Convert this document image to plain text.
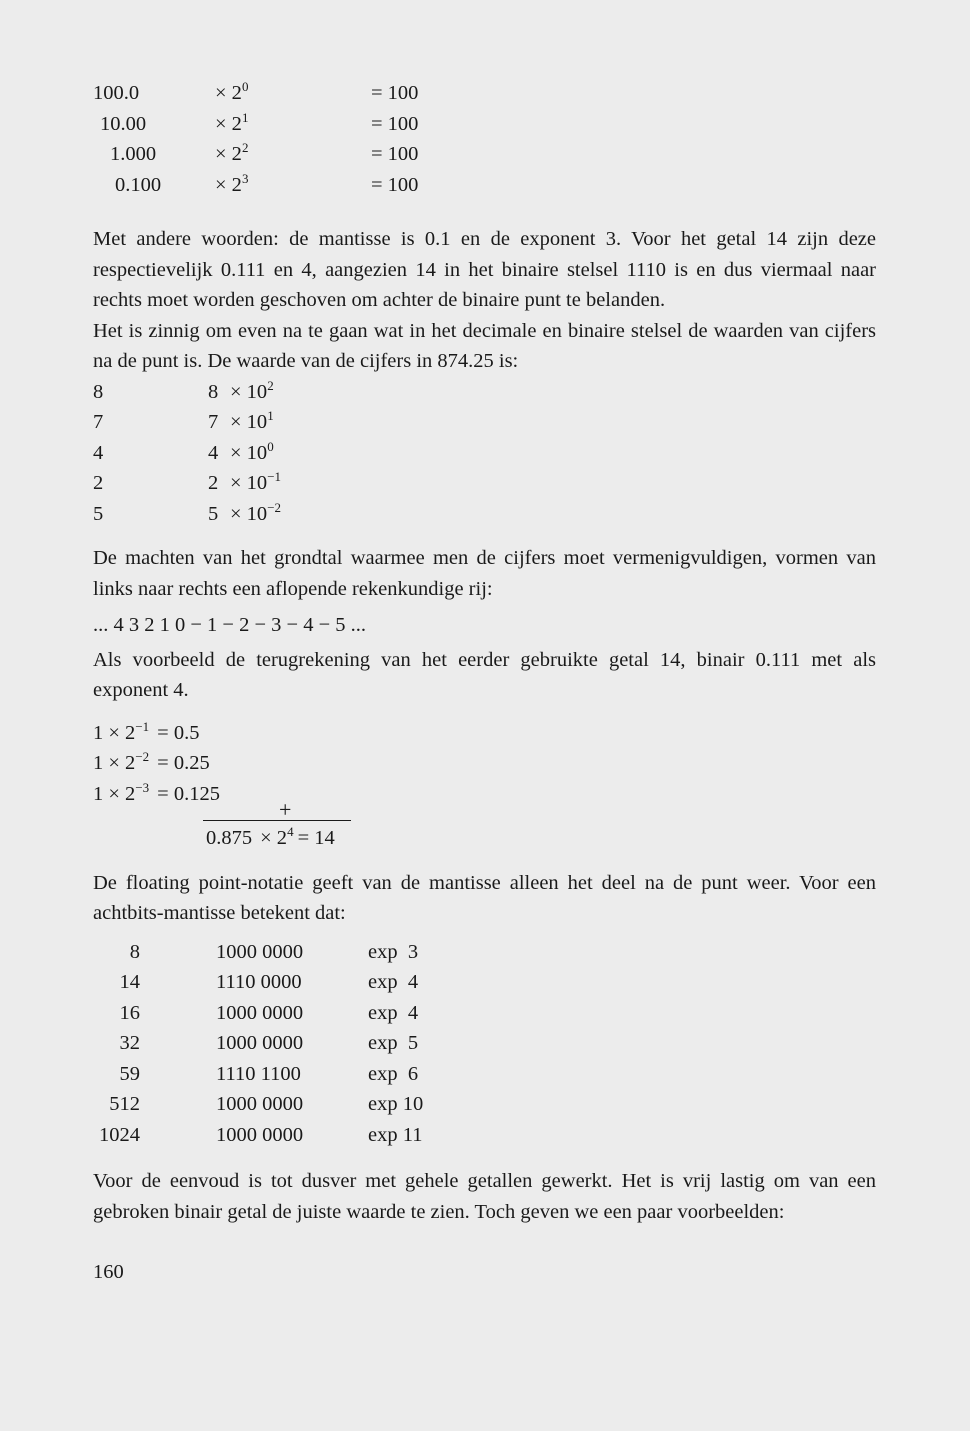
100.0	× $2^0$	= 100
10.00	× $2^1$	= 100
1.000	× $2^2$	= 100
0.100	× $2^3$	= 100

Met andere woorden: de mantisse is 0.1 en de exponent 3. Voor het getal 14 zijn deze respectievelijk 0.111 en 4, aangezien 14 in het binaire stelsel 1110 is en dus viermaal naar rechts moet worden geschoven om achter de binaire punt te belanden.

Het is zinnig om even na te gaan wat in het decimale en binaire stelsel de waarden van cijfers na de punt is. De waarde van de cijfers in 874.25 is:

8	$8 \times 10^2$
7	$7 \times 10^1$
4	$4 \times 10^0$
2	$2 \times 10^{-1}$
5	$5 \times 10^{-2}$

De machten van het grondtal waarmee men de cijfers moet vermenigvuldigen, vormen van links naar rechts een aflopende rekenkundige rij:

... 4 3 2 1 0 − 1 − 2 − 3 − 4 − 5 ...

Als voorbeeld de terugrekening van het eerder gebruikte getal 14, binair 0.111 met als exponent 4.

$1 \times 2^{-1} = 0.5$
$1 \times 2^{-2} = 0.25$
$1 \times 2^{-3} = 0.125$
+
$0.875 \times 2^4 = 14$

De floating point-notatie geeft van de mantisse alleen het deel na de punt weer. Voor een achtbits-mantisse betekent dat:

8	1000 0000	exp  3
14	1110 0000	exp  4
16	1000 0000	exp  4
32	1000 0000	exp  5
59	1110 1100	exp  6
512	1000 0000	exp 10
1024	1000 0000	exp 11

Voor de eenvoud is tot dusver met gehele getallen gewerkt. Het is vrij lastig om van een gebroken binair getal de juiste waarde te zien. Toch geven we een paar voorbeelden:

160
